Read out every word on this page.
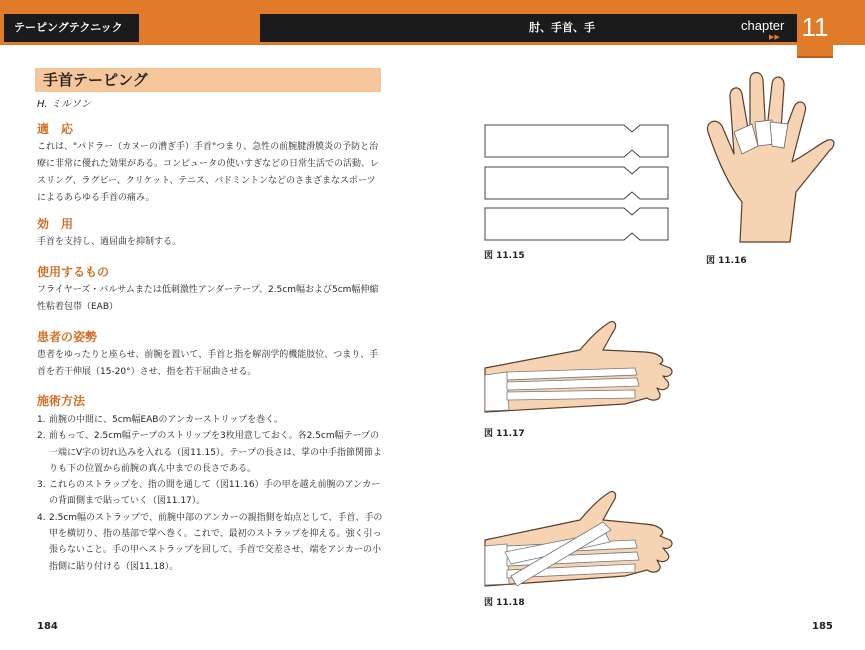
テーピングテクニック	肘、手首、手	chapter
▶▶ 11
手首テーピング
H. ミルソン
適　応
これは、"パドラー（カヌーの漕ぎ手）手首"つまり、急性の前腕腱滑膜炎の予防と治療に非常に優れた効果がある。コンピュータの使いすぎなどの日常生活での活動、レスリング、ラグビー、クリケット、テニス、バドミントンなどのさまざまなスポーツによるあらゆる手首の痛み。
効　用
手首を支持し、過屈曲を抑制する。
使用するもの
フライヤーズ・バルサムまたは低刺激性アンダーテープ、2.5cm幅および5cm幅伸縮性粘着包帯（EAB）
患者の姿勢
患者をゆったりと座らせ、前腕を置いて、手首と指を解剖学的機能肢位、つまり、手首を若干伸展（15-20°）させ、指を若干屈曲させる。
施術方法
1. 前腕の中間に、5cm幅EABのアンカーストリップを巻く。
2. 前もって、2.5cm幅テープのストリップを3枚用意しておく。各2.5cm幅テープの一端にV字の切れ込みを入れる（図11.15）。テープの長さは、掌の中手指節関節よりも下の位置から前腕の真ん中までの長さである。
3. これらのストラップを、指の間を通して（図11.16）手の甲を越え前腕のアンカーの背面側まで貼っていく（図11.17）。
4. 2.5cm幅のストラップで、前腕中部のアンカーの親指側を始点として、手首、手の甲を横切り、指の基部で掌へ巻く。これで、最初のストラップを抑える。強く引っ張らないこと。手の甲へストラップを回して、手首で交差させ、端をアンカーの小指側に貼り付ける（図11.18）。
184	185
図 11.15	図 11.16
図 11.17
図 11.18
